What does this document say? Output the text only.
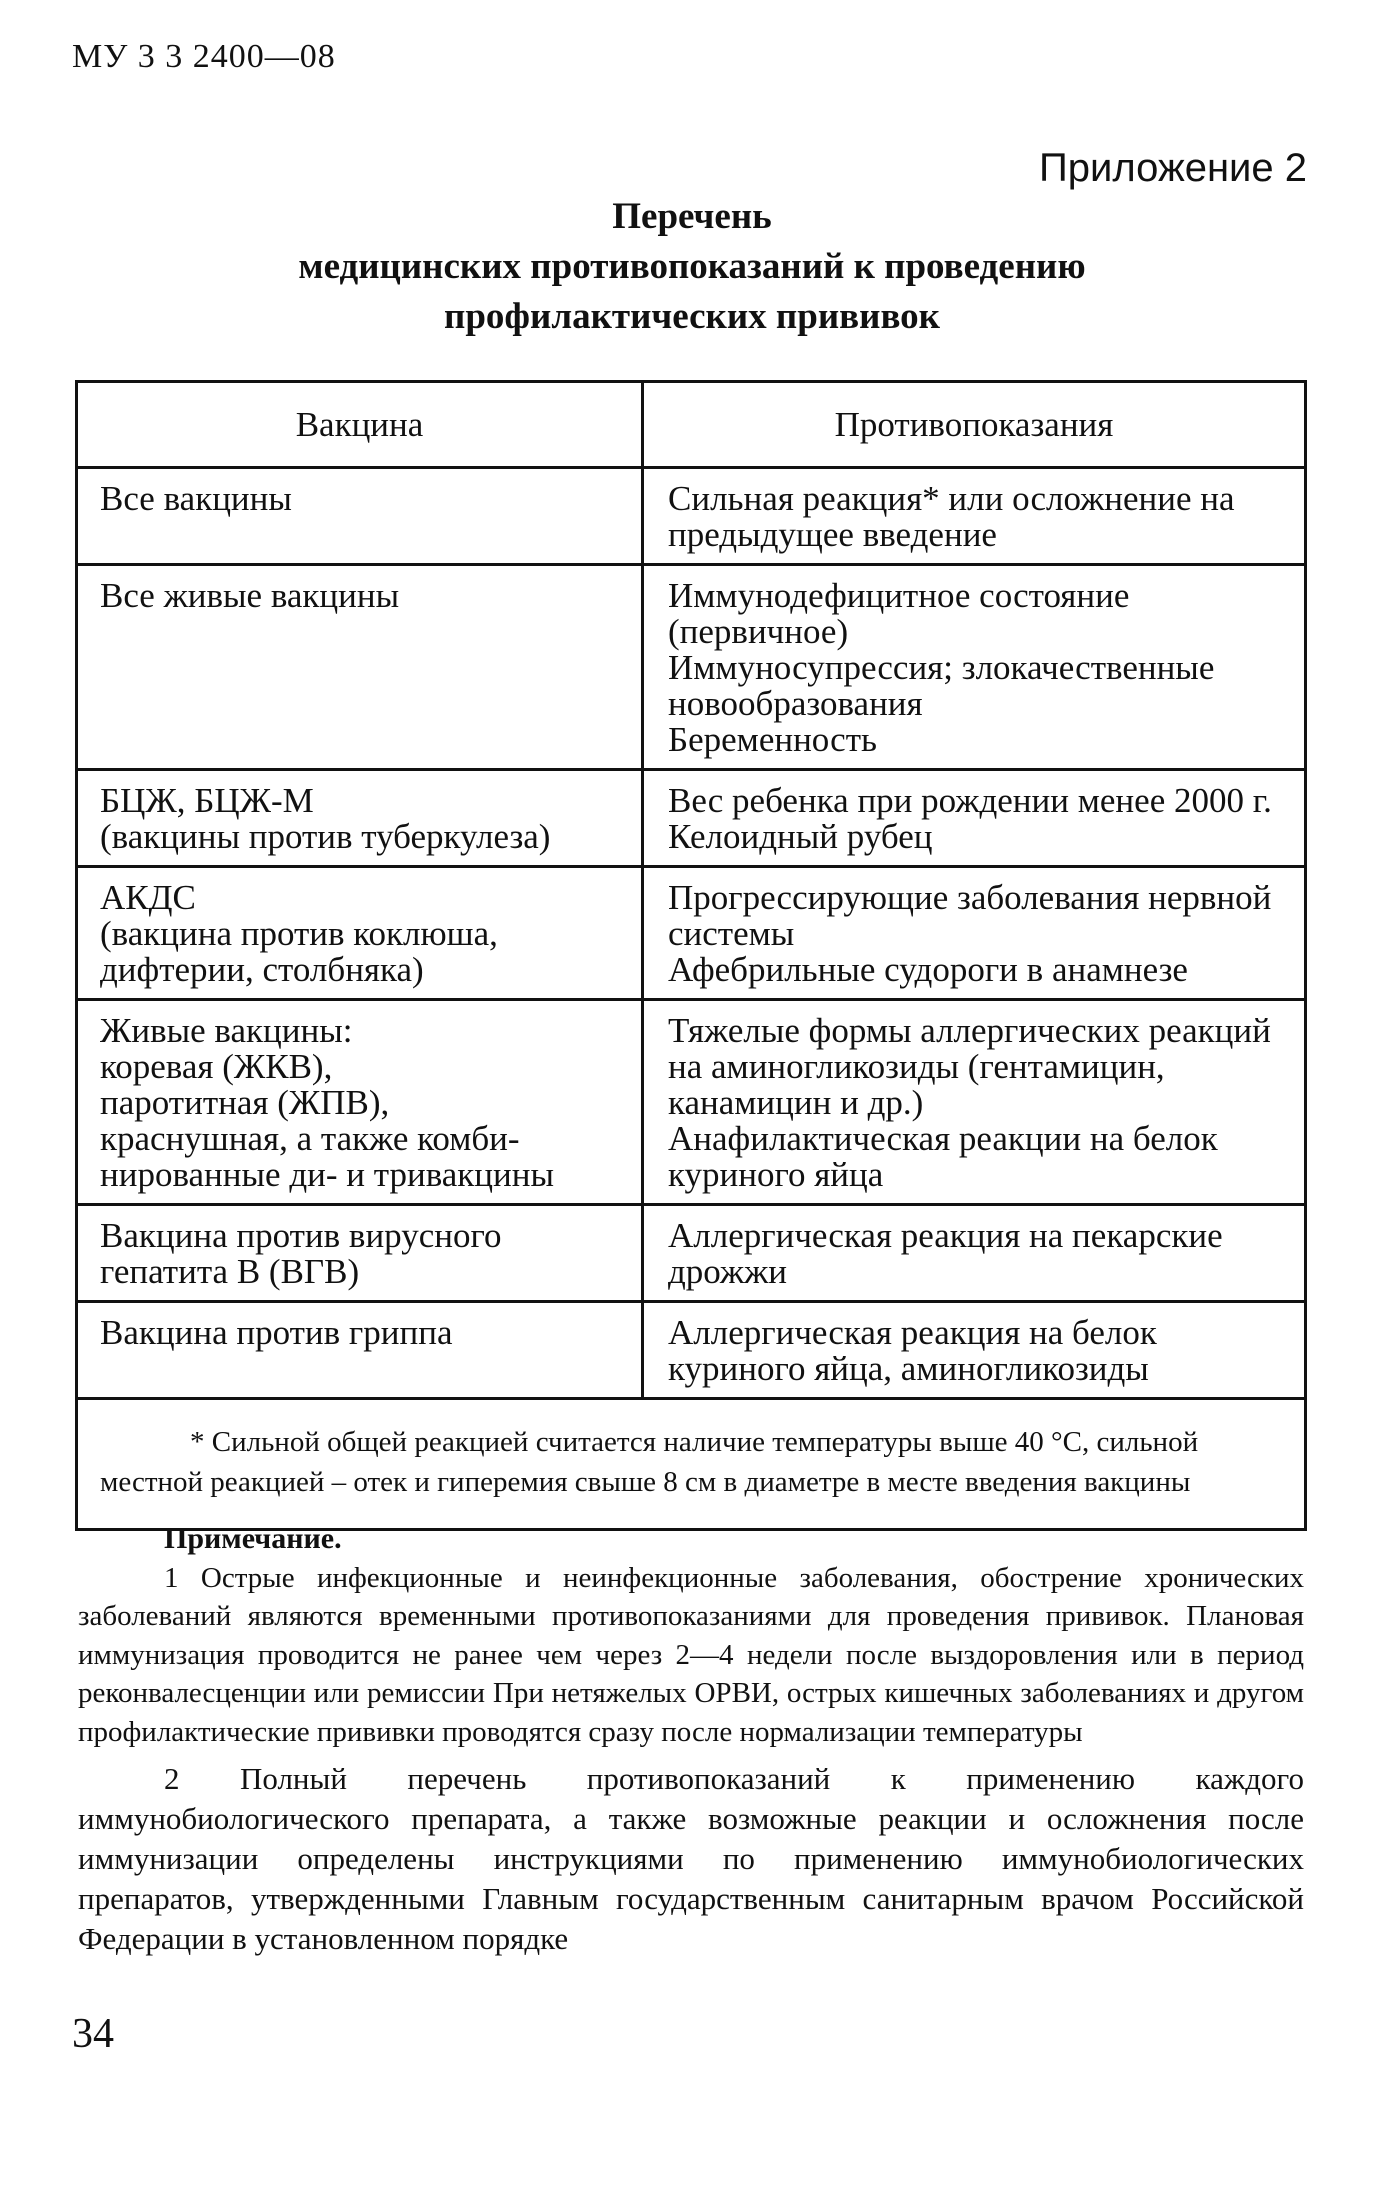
МУ 3 3 2400—08
Приложение 2
Перечень
медицинских противопоказаний к проведению
профилактических прививок
Вакцина	Противопоказания

Все вакцины	Сильная реакция* или осложнение на
предыдущее введение

Все живые вакцины	Иммунодефицитное состояние
(первичное)
Иммуносупрессия; злокачественные
новообразования
Беременность

БЦЖ, БЦЖ-М
(вакцины против туберкулеза)	Вес ребенка при рождении менее 2000 г.
Келоидный рубец

АКДС
(вакцина против коклюша,
дифтерии, столбняка)	Прогрессирующие заболевания нервной
системы
Афебрильные судороги в анамнезе

Живые вакцины:
коревая (ЖКВ),
паротитная (ЖПВ),
краснушная, а также комби-
нированные ди- и тривакцины	Тяжелые формы аллергических реакций
на аминогликозиды (гентамицин,
канамицин и др.)
Анафилактическая реакции на белок
куриного яйца

Вакцина против вирусного
гепатита В (ВГВ)	Аллергическая реакция на пекарские
дрожжи

Вакцина против гриппа	Аллергическая реакция на белок
куриного яйца, аминогликозиды

* Сильной общей реакцией считается наличие температуры выше 40 °С, сильной местной реакцией – отек и гиперемия свыше 8 см в диаметре в месте введения вакцины	
Примечание.

1 Острые инфекционные и неинфекционные заболевания, обострение хронических заболеваний являются временными противопоказаниями для проведения прививок. Плановая иммунизация проводится не ранее чем через 2—4 недели после выздоровления или в период реконвалесценции или ремиссии При нетяжелых ОРВИ, острых кишечных заболеваниях и другом профилактические прививки проводятся сразу после нормализации температуры

2 Полный перечень противопоказаний к применению каждого иммунобиологического препарата, а также возможные реакции и осложнения после иммунизации определены инструкциями по применению иммунобиологических препаратов, утвержденными Главным государственным санитарным врачом Российской Федерации в установленном порядке

34
